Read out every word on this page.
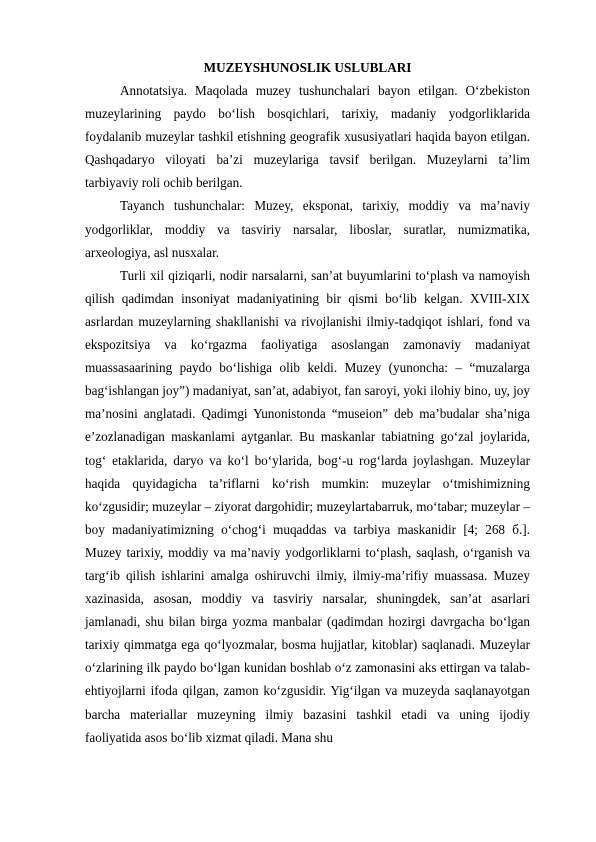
MUZEYSHUNOSLIK USLUBLARI

Annotatsiya. Maqolada muzey tushunchalari bayon etilgan. O‘zbekiston muzeylarining paydo bo‘lish bosqichlari, tarixiy, madaniy yodgorliklarida foydalanib muzeylar tashkil etishning geografik xususiyatlari haqida bayon etilgan. Qashqadaryo viloyati ba’zi muzeylariga tavsif berilgan. Muzeylarni ta’lim tarbiyaviy roli ochib berilgan.

Tayanch tushunchalar: Muzey, eksponat, tarixiy, moddiy va ma’naviy yodgorliklar, moddiy va tasviriy narsalar, liboslar, suratlar, numizmatika, arxeologiya, asl nusxalar.

Turli xil qiziqarli, nodir narsalarni, san’at buyumlarini to‘plash va namoyish qilish qadimdan insoniyat madaniyatining bir qismi bo‘lib kelgan. XVIII-XIX asrlardan muzeylarning shakllanishi va rivojlanishi ilmiy-tadqiqot ishlari, fond va ekspozitsiya va ko‘rgazma faoliyatiga asoslangan zamonaviy madaniyat muassasaarining paydo bo‘lishiga olib keldi. Muzey (yunoncha: – “muzalarga bag‘ishlangan joy”) madaniyat, san’at, adabiyot, fan saroyi, yoki ilohiy bino, uy, joy ma’nosini anglatadi. Qadimgi Yunonistonda “museion” deb ma’budalar sha’niga e’zozlanadigan maskanlami aytganlar. Bu maskanlar tabiatning go‘zal joylarida, tog‘ etaklarida, daryo va ko‘l bo‘ylarida, bog‘-u rog‘larda joylashgan. Muzeylar haqida quyidagicha ta’riflarni ko‘rish mumkin: muzeylar o‘tmishimizning ko‘zgusidir; muzeylar – ziyorat dargohidir; muzeylartabarruk, mo‘tabar; muzeylar – boy madaniyatimizning o‘chog‘i muqaddas va tarbiya maskanidir [4; 268 б.]. Muzey tarixiy, moddiy va ma’naviy yodgorliklarni to‘plash, saqlash, o‘rganish va targ‘ib qilish ishlarini amalga oshiruvchi ilmiy, ilmiy-ma’rifiy muassasa. Muzey xazinasida, asosan, moddiy va tasviriy narsalar, shuningdek, san’at asarlari jamlanadi, shu bilan birga yozma manbalar (qadimdan hozirgi davrgacha bo‘lgan tarixiy qimmatga ega qo‘lyozmalar, bosma hujjatlar, kitoblar) saqlanadi. Muzeylar o‘zlarining ilk paydo bo‘lgan kunidan boshlab o‘z zamonasini aks ettirgan va talab-ehtiyojlarni ifoda qilgan, zamon ko‘zgusidir. Yig‘ilgan va muzeyda saqlanayotgan barcha materiallar muzeyning ilmiy bazasini tashkil etadi va uning ijodiy faoliyatida asos bo‘lib xizmat qiladi. Mana shu
